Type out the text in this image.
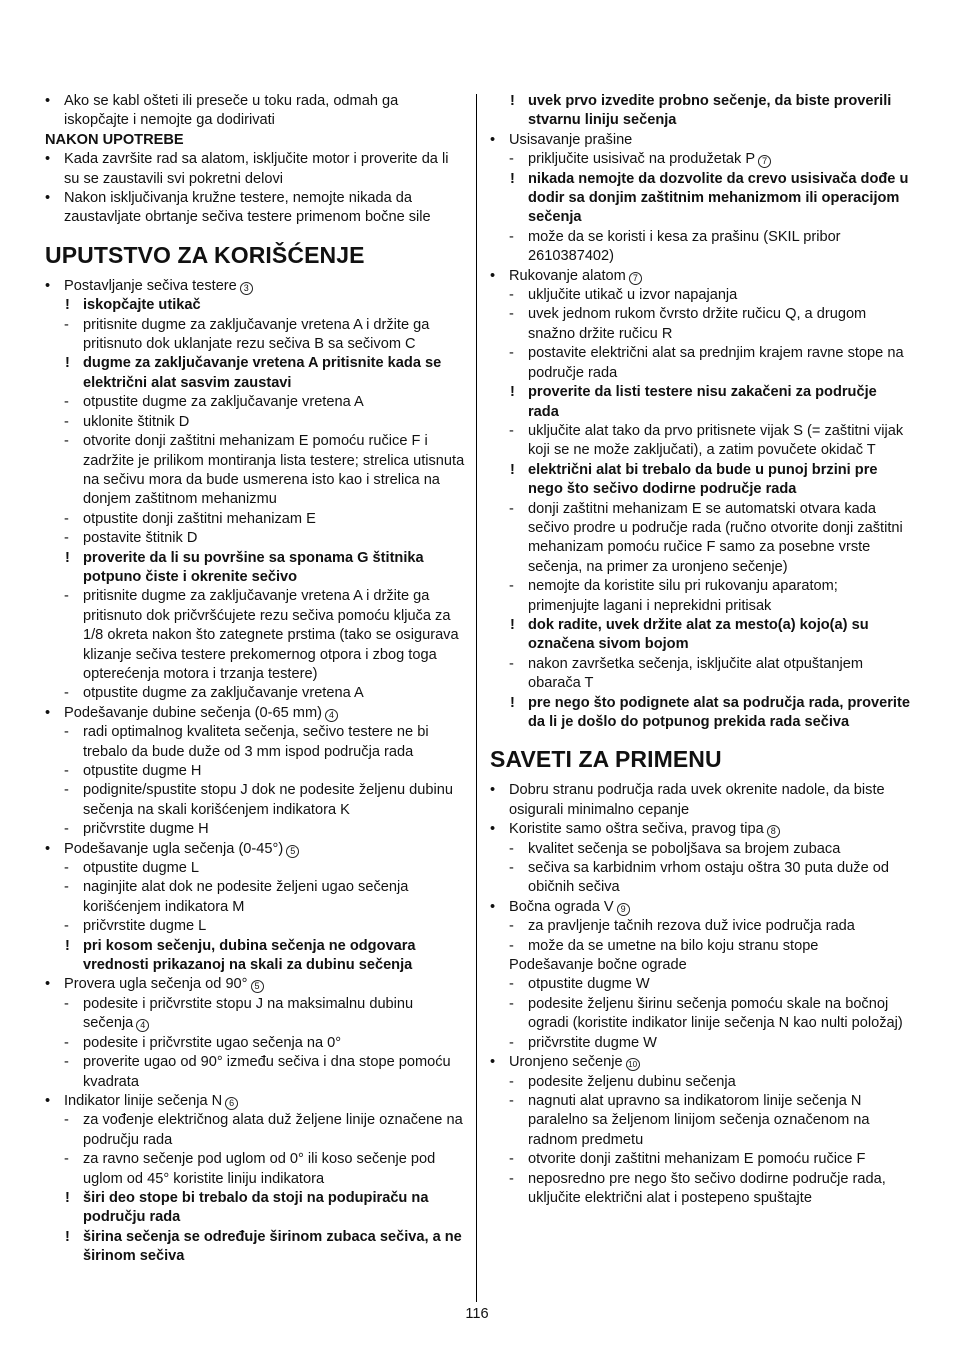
• Ako se kabl ošteti ili preseče u toku rada, odmah ga iskopčajte i nemojte ga dodirivati
NAKON UPOTREBE
• Kada završite rad sa alatom, isključite motor i proverite da li su se zaustavili svi pokretni delovi
• Nakon isključivanja kružne testere, nemojte nikada da zaustavljate obrtanje sečiva testere primenom bočne sile
UPUTSTVO ZA KORIŠĆENJE
• Postavljanje sečiva testere 3
! iskopčajte utikač
- pritisnite dugme za zaključavanje vretena A i držite ga pritisnuto dok uklanjate rezu sečiva B sa sečivom C
! dugme za zaključavanje vretena A pritisnite kada se električni alat sasvim zaustavi
- otpustite dugme za zaključavanje vretena A
- uklonite štitnik D
- otvorite donji zaštitni mehanizam E pomoću ručice F i zadržite je prilikom montiranja lista testere; strelica utisnuta na sečivu mora da bude usmerena isto kao i strelica na donjem zaštitnom mehanizmu
- otpustite donji zaštitni mehanizam E
- postavite štitnik D
! proverite da li su površine sa sponama G štitnika potpuno čiste i okrenite sečivo
- pritisnite dugme za zaključavanje vretena A i držite ga pritisnuto dok pričvršćujete rezu sečiva pomoću ključa za 1/8 okreta nakon što zategnete prstima (tako se osigurava klizanje sečiva testere prekomernog otpora i zbog toga opterećenja motora i trzanja testere)
- otpustite dugme za zaključavanje vretena A
• Podešavanje dubine sečenja (0-65 mm) 4
- radi optimalnog kvaliteta sečenja, sečivo testere ne bi trebalo da bude duže od 3 mm ispod područja rada
- otpustite dugme H
- podignite/spustite stopu J dok ne podesite željenu dubinu sečenja na skali korišćenjem indikatora K
- pričvrstite dugme H
• Podešavanje ugla sečenja (0-45°) 5
- otpustite dugme L
- naginjite alat dok ne podesite željeni ugao sečenja korišćenjem indikatora M
- pričvrstite dugme L
! pri kosom sečenju, dubina sečenja ne odgovara vrednosti prikazanoj na skali za dubinu sečenja
• Provera ugla sečenja od 90° 5
- podesite i pričvrstite stopu J na maksimalnu dubinu sečenja 4
- podesite i pričvrstite ugao sečenja na 0°
- proverite ugao od 90° između sečiva i dna stope pomoću kvadrata
• Indikator linije sečenja N 6
- za vođenje električnog alata duž željene linije označene na području rada
- za ravno sečenje pod uglom od 0° ili koso sečenje pod uglom od 45° koristite liniju indikatora
! širi deo stope bi trebalo da stoji na podupiraču na području rada
! širina sečenja se određuje širinom zubaca sečiva, a ne širinom sečiva
! uvek prvo izvedite probno sečenje, da biste proverili stvarnu liniju sečenja
• Usisavanje prašine
- priključite usisivač na produžetak P 7
! nikada nemojte da dozvolite da crevo usisivača dođe u dodir sa donjim zaštitnim mehanizmom ili operacijom sečenja
- može da se koristi i kesa za prašinu (SKIL pribor 2610387402)
• Rukovanje alatom 7
- uključite utikač u izvor napajanja
- uvek jednom rukom čvrsto držite ručicu Q, a drugom snažno držite ručicu R
- postavite električni alat sa prednjim krajem ravne stope na područje rada
! proverite da listi testere nisu zakačeni za područje rada
- uključite alat tako da prvo pritisnete vijak S (= zaštitni vijak koji se ne može zaključati), a zatim povučete okidač T
! električni alat bi trebalo da bude u punoj brzini pre nego što sečivo dodirne područje rada
- donji zaštitni mehanizam E se automatski otvara kada sečivo prodre u područje rada (ručno otvorite donji zaštitni mehanizam pomoću ručice F samo za posebne vrste sečenja, na primer za uronjeno sečenje)
- nemojte da koristite silu pri rukovanju aparatom; primenjujte lagani i neprekidni pritisak
! dok radite, uvek držite alat za mesto(a) kojo(a) su označena sivom bojom
- nakon završetka sečenja, isključite alat otpuštanjem obarača T
! pre nego što podignete alat sa područja rada, proverite da li je došlo do potpunog prekida rada sečiva
SAVETI ZA PRIMENU
• Dobru stranu područja rada uvek okrenite nadole, da biste osigurali minimalno cepanje
• Koristite samo oštra sečiva, pravog tipa 8
- kvalitet sečenja se poboljšava sa brojem zubaca
- sečiva sa karbidnim vrhom ostaju oštra 30 puta duže od običnih sečiva
• Bočna ograda V 9
- za pravljenje tačnih rezova duž ivice područja rada
- može da se umetne na bilo koju stranu stope
Podešavanje bočne ograde
- otpustite dugme W
- podesite željenu širinu sečenja pomoću skale na bočnoj ogradi (koristite indikator linije sečenja N kao nulti položaj)
- pričvrstite dugme W
• Uronjeno sečenje 10
- podesite željenu dubinu sečenja
- nagnuti alat upravno sa indikatorom linije sečenja N paralelno sa željenom linijom sečenja označenom na radnom predmetu
- otvorite donji zaštitni mehanizam E pomoću ručice F
- neposredno pre nego što sečivo dodirne područje rada, uključite električni alat i postepeno spuštajte
116
